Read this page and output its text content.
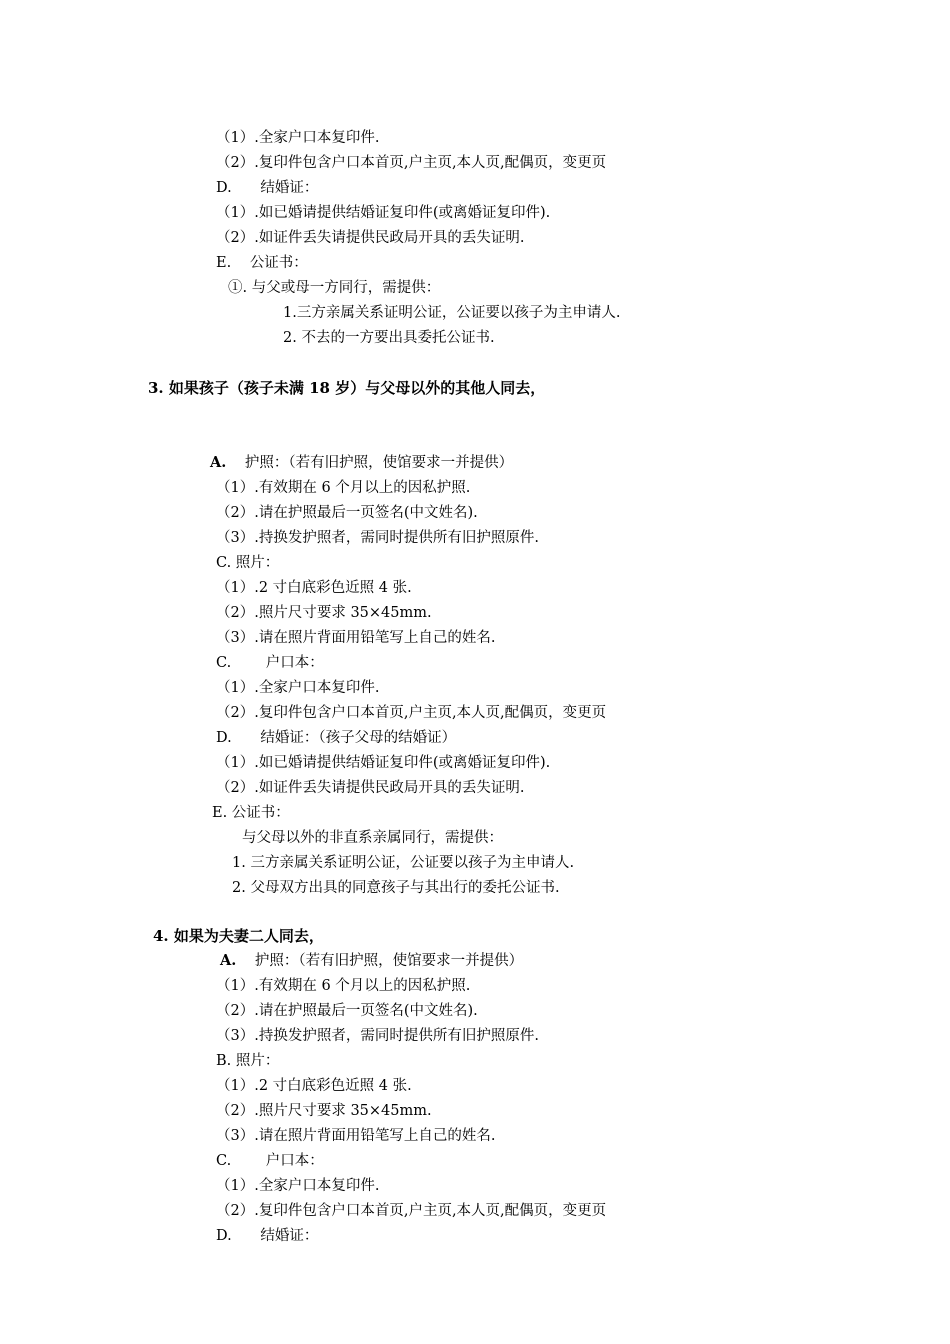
（1）.全家户口本复印件.
（2）.复印件包含户口本首页,户主页,本人页,配偶页，变更页
D. 结婚证：
（1）.如已婚请提供结婚证复印件(或离婚证复印件).
（2）.如证件丢失请提供民政局开具的丢失证明.
E. 公证书：
①. 与父或母一方同行，需提供：
1.三方亲属关系证明公证，公证要以孩子为主申请人.
2. 不去的一方要出具委托公证书.
3. 如果孩子（孩子未满 18 岁）与父母以外的其他人同去，
A. 护照：（若有旧护照，使馆要求一并提供）
（1）.有效期在 6 个月以上的因私护照.
（2）.请在护照最后一页签名(中文姓名).
（3）.持换发护照者，需同时提供所有旧护照原件.
C. 照片：
（1）.2 寸白底彩色近照 4 张.
（2）.照片尺寸要求 35×45mm.
（3）.请在照片背面用铅笔写上自己的姓名.
C. 户口本：
（1）.全家户口本复印件.
（2）.复印件包含户口本首页,户主页,本人页,配偶页，变更页
D. 结婚证：（孩子父母的结婚证）
（1）.如已婚请提供结婚证复印件(或离婚证复印件).
（2）.如证件丢失请提供民政局开具的丢失证明.
E. 公证书：
与父母以外的非直系亲属同行，需提供：
1. 三方亲属关系证明公证，公证要以孩子为主申请人.
2. 父母双方出具的同意孩子与其出行的委托公证书.
4. 如果为夫妻二人同去，
A. 护照：（若有旧护照，使馆要求一并提供）
（1）.有效期在 6 个月以上的因私护照.
（2）.请在护照最后一页签名(中文姓名).
（3）.持换发护照者，需同时提供所有旧护照原件.
B. 照片：
（1）.2 寸白底彩色近照 4 张.
（2）.照片尺寸要求 35×45mm.
（3）.请在照片背面用铅笔写上自己的姓名.
C. 户口本：
（1）.全家户口本复印件.
（2）.复印件包含户口本首页,户主页,本人页,配偶页，变更页
D. 结婚证：
